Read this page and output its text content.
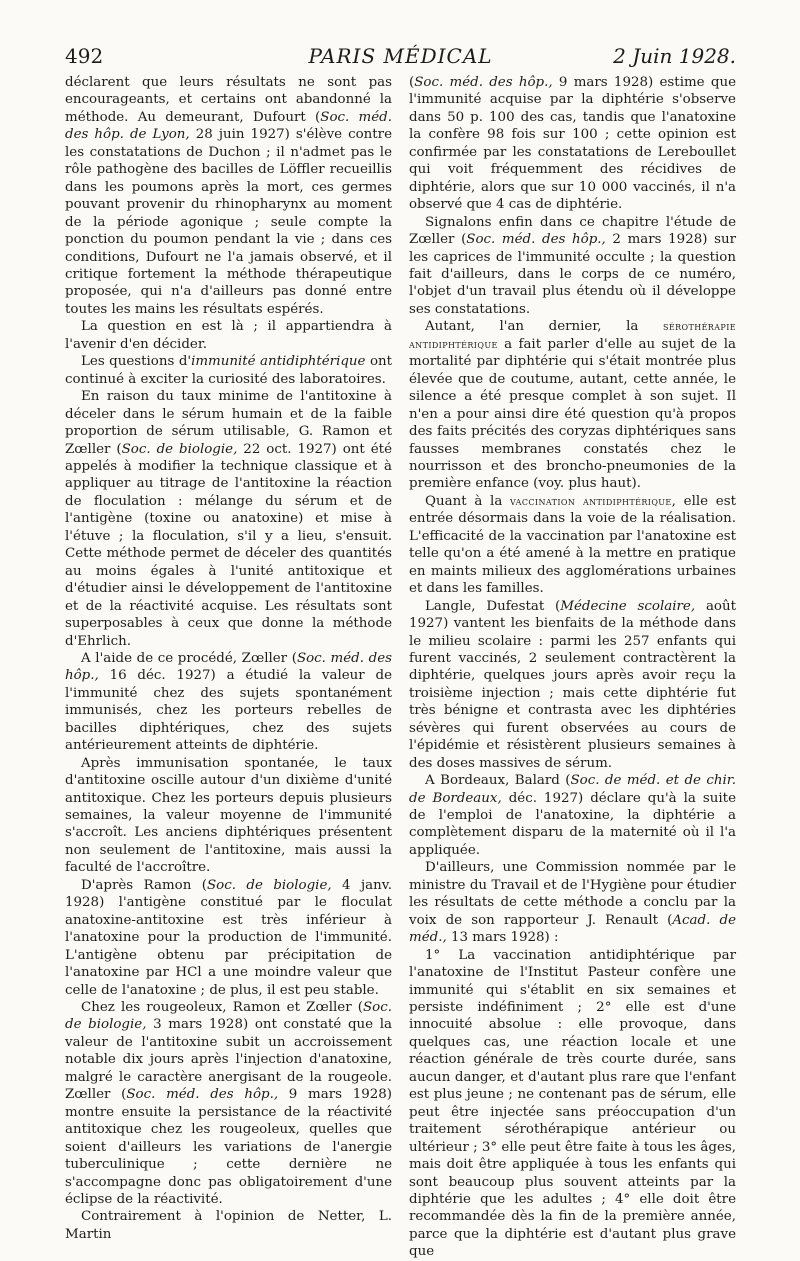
492	PARIS MÉDICAL	2 Juin 1928.

déclarent que leurs résultats ne sont pas encourageants, et certains ont abandonné la méthode. Au demeurant, Dufourt (Soc. méd. des hôp. de Lyon, 28 juin 1927) s'élève contre les constatations de Duchon ; il n'admet pas le rôle pathogène des bacilles de Löffler recueillis dans les poumons après la mort, ces germes pouvant provenir du rhinopharynx au moment de la période agonique ; seule compte la ponction du poumon pendant la vie ; dans ces conditions, Dufourt ne l'a jamais observé, et il critique fortement la méthode thérapeutique proposée, qui n'a d'ailleurs pas donné entre toutes les mains les résultats espérés.

La question en est là ; il appartiendra à l'avenir d'en décider.

Les questions d'immunité antidiphtérique ont continué à exciter la curiosité des laboratoires.

En raison du taux minime de l'antitoxine à déceler dans le sérum humain et de la faible proportion de sérum utilisable, G. Ramon et Zœller (Soc. de biologie, 22 oct. 1927) ont été appelés à modifier la technique classique et à appliquer au titrage de l'antitoxine la réaction de floculation : mélange du sérum et de l'antigène (toxine ou anatoxine) et mise à l'étuve ; la floculation, s'il y a lieu, s'ensuit. Cette méthode permet de déceler des quantités au moins égales à l'unité antitoxique et d'étudier ainsi le développement de l'antitoxine et de la réactivité acquise. Les résultats sont superposables à ceux que donne la méthode d'Ehrlich.

A l'aide de ce procédé, Zœller (Soc. méd. des hôp., 16 déc. 1927) a étudié la valeur de l'immunité chez des sujets spontanément immunisés, chez les porteurs rebelles de bacilles diphtériques, chez des sujets antérieurement atteints de diphtérie.

Après immunisation spontanée, le taux d'antitoxine oscille autour d'un dixième d'unité antitoxique. Chez les porteurs depuis plusieurs semaines, la valeur moyenne de l'immunité s'accroît. Les anciens diphtériques présentent non seulement de l'antitoxine, mais aussi la faculté de l'accroître.

D'après Ramon (Soc. de biologie, 4 janv. 1928) l'antigène constitué par le floculat anatoxine-antitoxine est très inférieur à l'anatoxine pour la production de l'immunité. L'antigène obtenu par précipitation de l'anatoxine par HCl a une moindre valeur que celle de l'anatoxine ; de plus, il est peu stable.

Chez les rougeoleux, Ramon et Zœller (Soc. de biologie, 3 mars 1928) ont constaté que la valeur de l'antitoxine subit un accroissement notable dix jours après l'injection d'anatoxine, malgré le caractère anergisant de la rougeole. Zœller (Soc. méd. des hôp., 9 mars 1928) montre ensuite la persistance de la réactivité antitoxique chez les rougeoleux, quelles que soient d'ailleurs les variations de l'anergie tuberculinique ; cette dernière ne s'accompagne donc pas obligatoirement d'une éclipse de la réactivité.

Contrairement à l'opinion de Netter, L. Martin

(Soc. méd. des hôp., 9 mars 1928) estime que l'immunité acquise par la diphtérie s'observe dans 50 p. 100 des cas, tandis que l'anatoxine la confère 98 fois sur 100 ; cette opinion est confirmée par les constatations de Lereboullet qui voit fréquemment des récidives de diphtérie, alors que sur 10 000 vaccinés, il n'a observé que 4 cas de diphtérie.

Signalons enfin dans ce chapitre l'étude de Zœller (Soc. méd. des hôp., 2 mars 1928) sur les caprices de l'immunité occulte ; la question fait d'ailleurs, dans le corps de ce numéro, l'objet d'un travail plus étendu où il développe ses constatations.

Autant, l'an dernier, la sérothérapie antidiphtérique a fait parler d'elle au sujet de la mortalité par diphtérie qui s'était montrée plus élevée que de coutume, autant, cette année, le silence a été presque complet à son sujet. Il n'en a pour ainsi dire été question qu'à propos des faits précités des coryzas diphtériques sans fausses membranes constatés chez le nourrisson et des broncho-pneumonies de la première enfance (voy. plus haut).

Quant à la vaccination antidiphtérique, elle est entrée désormais dans la voie de la réalisation. L'efficacité de la vaccination par l'anatoxine est telle qu'on a été amené à la mettre en pratique en maints milieux des agglomérations urbaines et dans les familles.

Langle, Dufestat (Médecine scolaire, août 1927) vantent les bienfaits de la méthode dans le milieu scolaire : parmi les 257 enfants qui furent vaccinés, 2 seulement contractèrent la diphtérie, quelques jours après avoir reçu la troisième injection ; mais cette diphtérie fut très bénigne et contrasta avec les diphtéries sévères qui furent observées au cours de l'épidémie et résistèrent plusieurs semaines à des doses massives de sérum.

A Bordeaux, Balard (Soc. de méd. et de chir. de Bordeaux, déc. 1927) déclare qu'à la suite de l'emploi de l'anatoxine, la diphtérie a complètement disparu de la maternité où il l'a appliquée.

D'ailleurs, une Commission nommée par le ministre du Travail et de l'Hygiène pour étudier les résultats de cette méthode a conclu par la voix de son rapporteur J. Renault (Acad. de méd., 13 mars 1928) :

1° La vaccination antidiphtérique par l'anatoxine de l'Institut Pasteur confère une immunité qui s'établit en six semaines et persiste indéfiniment ; 2° elle est d'une innocuité absolue : elle provoque, dans quelques cas, une réaction locale et une réaction générale de très courte durée, sans aucun danger, et d'autant plus rare que l'enfant est plus jeune ; ne contenant pas de sérum, elle peut être injectée sans préoccupation d'un traitement sérothérapique antérieur ou ultérieur ; 3° elle peut être faite à tous les âges, mais doit être appliquée à tous les enfants qui sont beaucoup plus souvent atteints par la diphtérie que les adultes ; 4° elle doit être recommandée dès la fin de la première année, parce que la diphtérie est d'autant plus grave que
